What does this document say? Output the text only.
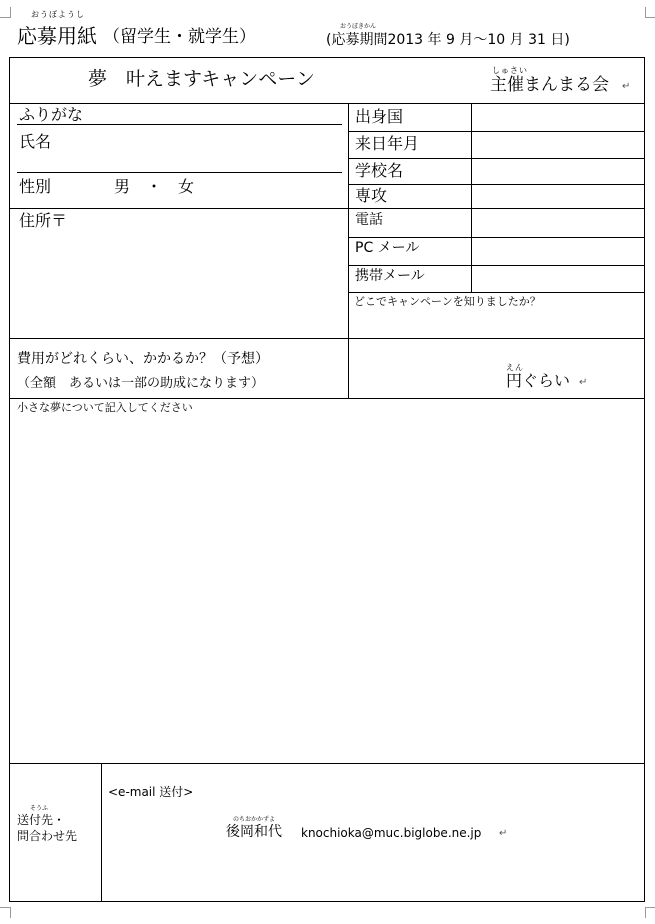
おうぼようし
応募用紙 （留学生・就学生）
おうぼきかん
(応募期間2013 年 9 月～10 月 31 日)
夢　叶えますキャンペーン	しゅさい
主催まんまる会 ↵
ふりがな
氏名
性別	男　・　女
住所〒
出身国
来日年月
学校名
専攻
電話
PC メール
携帯メール
どこでキャンペーンを知りましたか？
費用がどれくらい、かかるか？（予想）
（全額　あるいは一部の助成になります）
えん
円ぐらい ↵
小さな夢について記入してください
そうふ
送付先・
問合わせ先
<e-mail 送付>
のちおかかずよ
後岡和代 knochioka@muc.biglobe.ne.jp ↵
